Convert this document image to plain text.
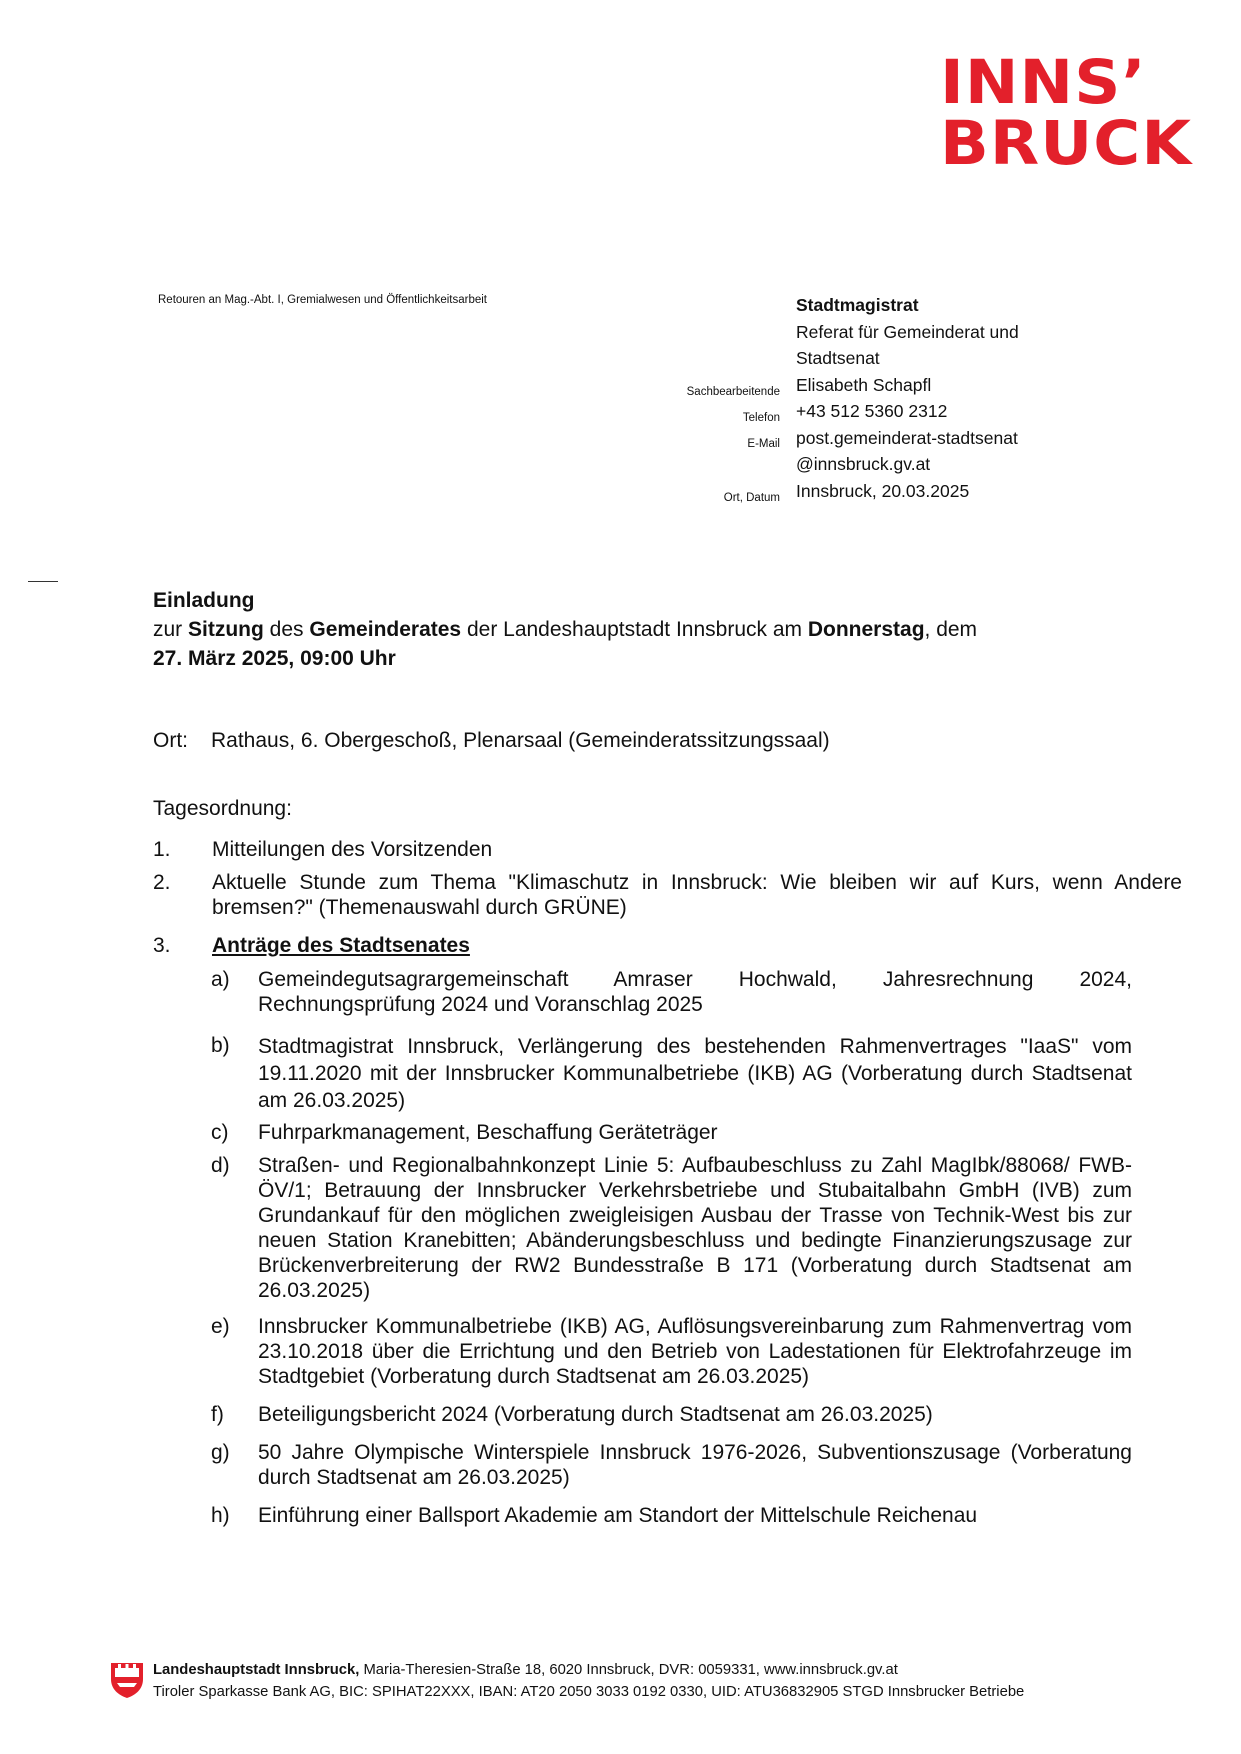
INNS’
BRUCK
Retouren an Mag.-Abt. I, Gremialwesen und Öffentlichkeitsarbeit
Sachbearbeitende
Telefon
E-Mail
Ort, Datum
Stadtmagistrat
Referat für Gemeinderat und
Stadtsenat
Elisabeth Schapfl
+43 512 5360 2312
post.gemeinderat-stadtsenat
@innsbruck.gv.at
Innsbruck, 20.03.2025
Einladung
zur Sitzung des Gemeinderates der Landeshauptstadt Innsbruck am Donnerstag, dem
27. März 2025, 09:00 Uhr
Ort: Rathaus, 6. Obergeschoß, Plenarsaal (Gemeinderatssitzungssaal)
Tagesordnung:
1. Mitteilungen des Vorsitzenden
2. Aktuelle Stunde zum Thema "Klimaschutz in Innsbruck: Wie bleiben wir auf Kurs, wenn Andere bremsen?" (Themenauswahl durch GRÜNE)
3. Anträge des Stadtsenates
a) Gemeindegutsagrargemeinschaft Amraser Hochwald, Jahresrechnung 2024, Rechnungsprüfung 2024 und Voranschlag 2025
b) Stadtmagistrat Innsbruck, Verlängerung des bestehenden Rahmenvertrages "IaaS" vom 19.11.2020 mit der Innsbrucker Kommunalbetriebe (IKB) AG (Vorberatung durch Stadtsenat am 26.03.2025)
c) Fuhrparkmanagement, Beschaffung Geräteträger
d) Straßen- und Regionalbahnkonzept Linie 5: Aufbaubeschluss zu Zahl MagIbk/88068/ FWB-ÖV/1; Betrauung der Innsbrucker Verkehrsbetriebe und Stubaitalbahn GmbH (IVB) zum Grundankauf für den möglichen zweigleisigen Ausbau der Trasse von Technik-West bis zur neuen Station Kranebitten; Abänderungsbeschluss und bedingte Finanzierungszusage zur Brückenverbreiterung der RW2 Bundesstraße B 171 (Vorberatung durch Stadtsenat am 26.03.2025)
e) Innsbrucker Kommunalbetriebe (IKB) AG, Auflösungsvereinbarung zum Rahmenvertrag vom 23.10.2018 über die Errichtung und den Betrieb von Ladestationen für Elektrofahrzeuge im Stadtgebiet (Vorberatung durch Stadtsenat am 26.03.2025)
f) Beteiligungsbericht 2024 (Vorberatung durch Stadtsenat am 26.03.2025)
g) 50 Jahre Olympische Winterspiele Innsbruck 1976-2026, Subventionszusage (Vorberatung durch Stadtsenat am 26.03.2025)
h) Einführung einer Ballsport Akademie am Standort der Mittelschule Reichenau
Landeshauptstadt Innsbruck, Maria-Theresien-Straße 18, 6020 Innsbruck, DVR: 0059331, www.innsbruck.gv.at
Tiroler Sparkasse Bank AG, BIC: SPIHAT22XXX, IBAN: AT20 2050 3033 0192 0330, UID: ATU36832905 STGD Innsbrucker Betriebe
